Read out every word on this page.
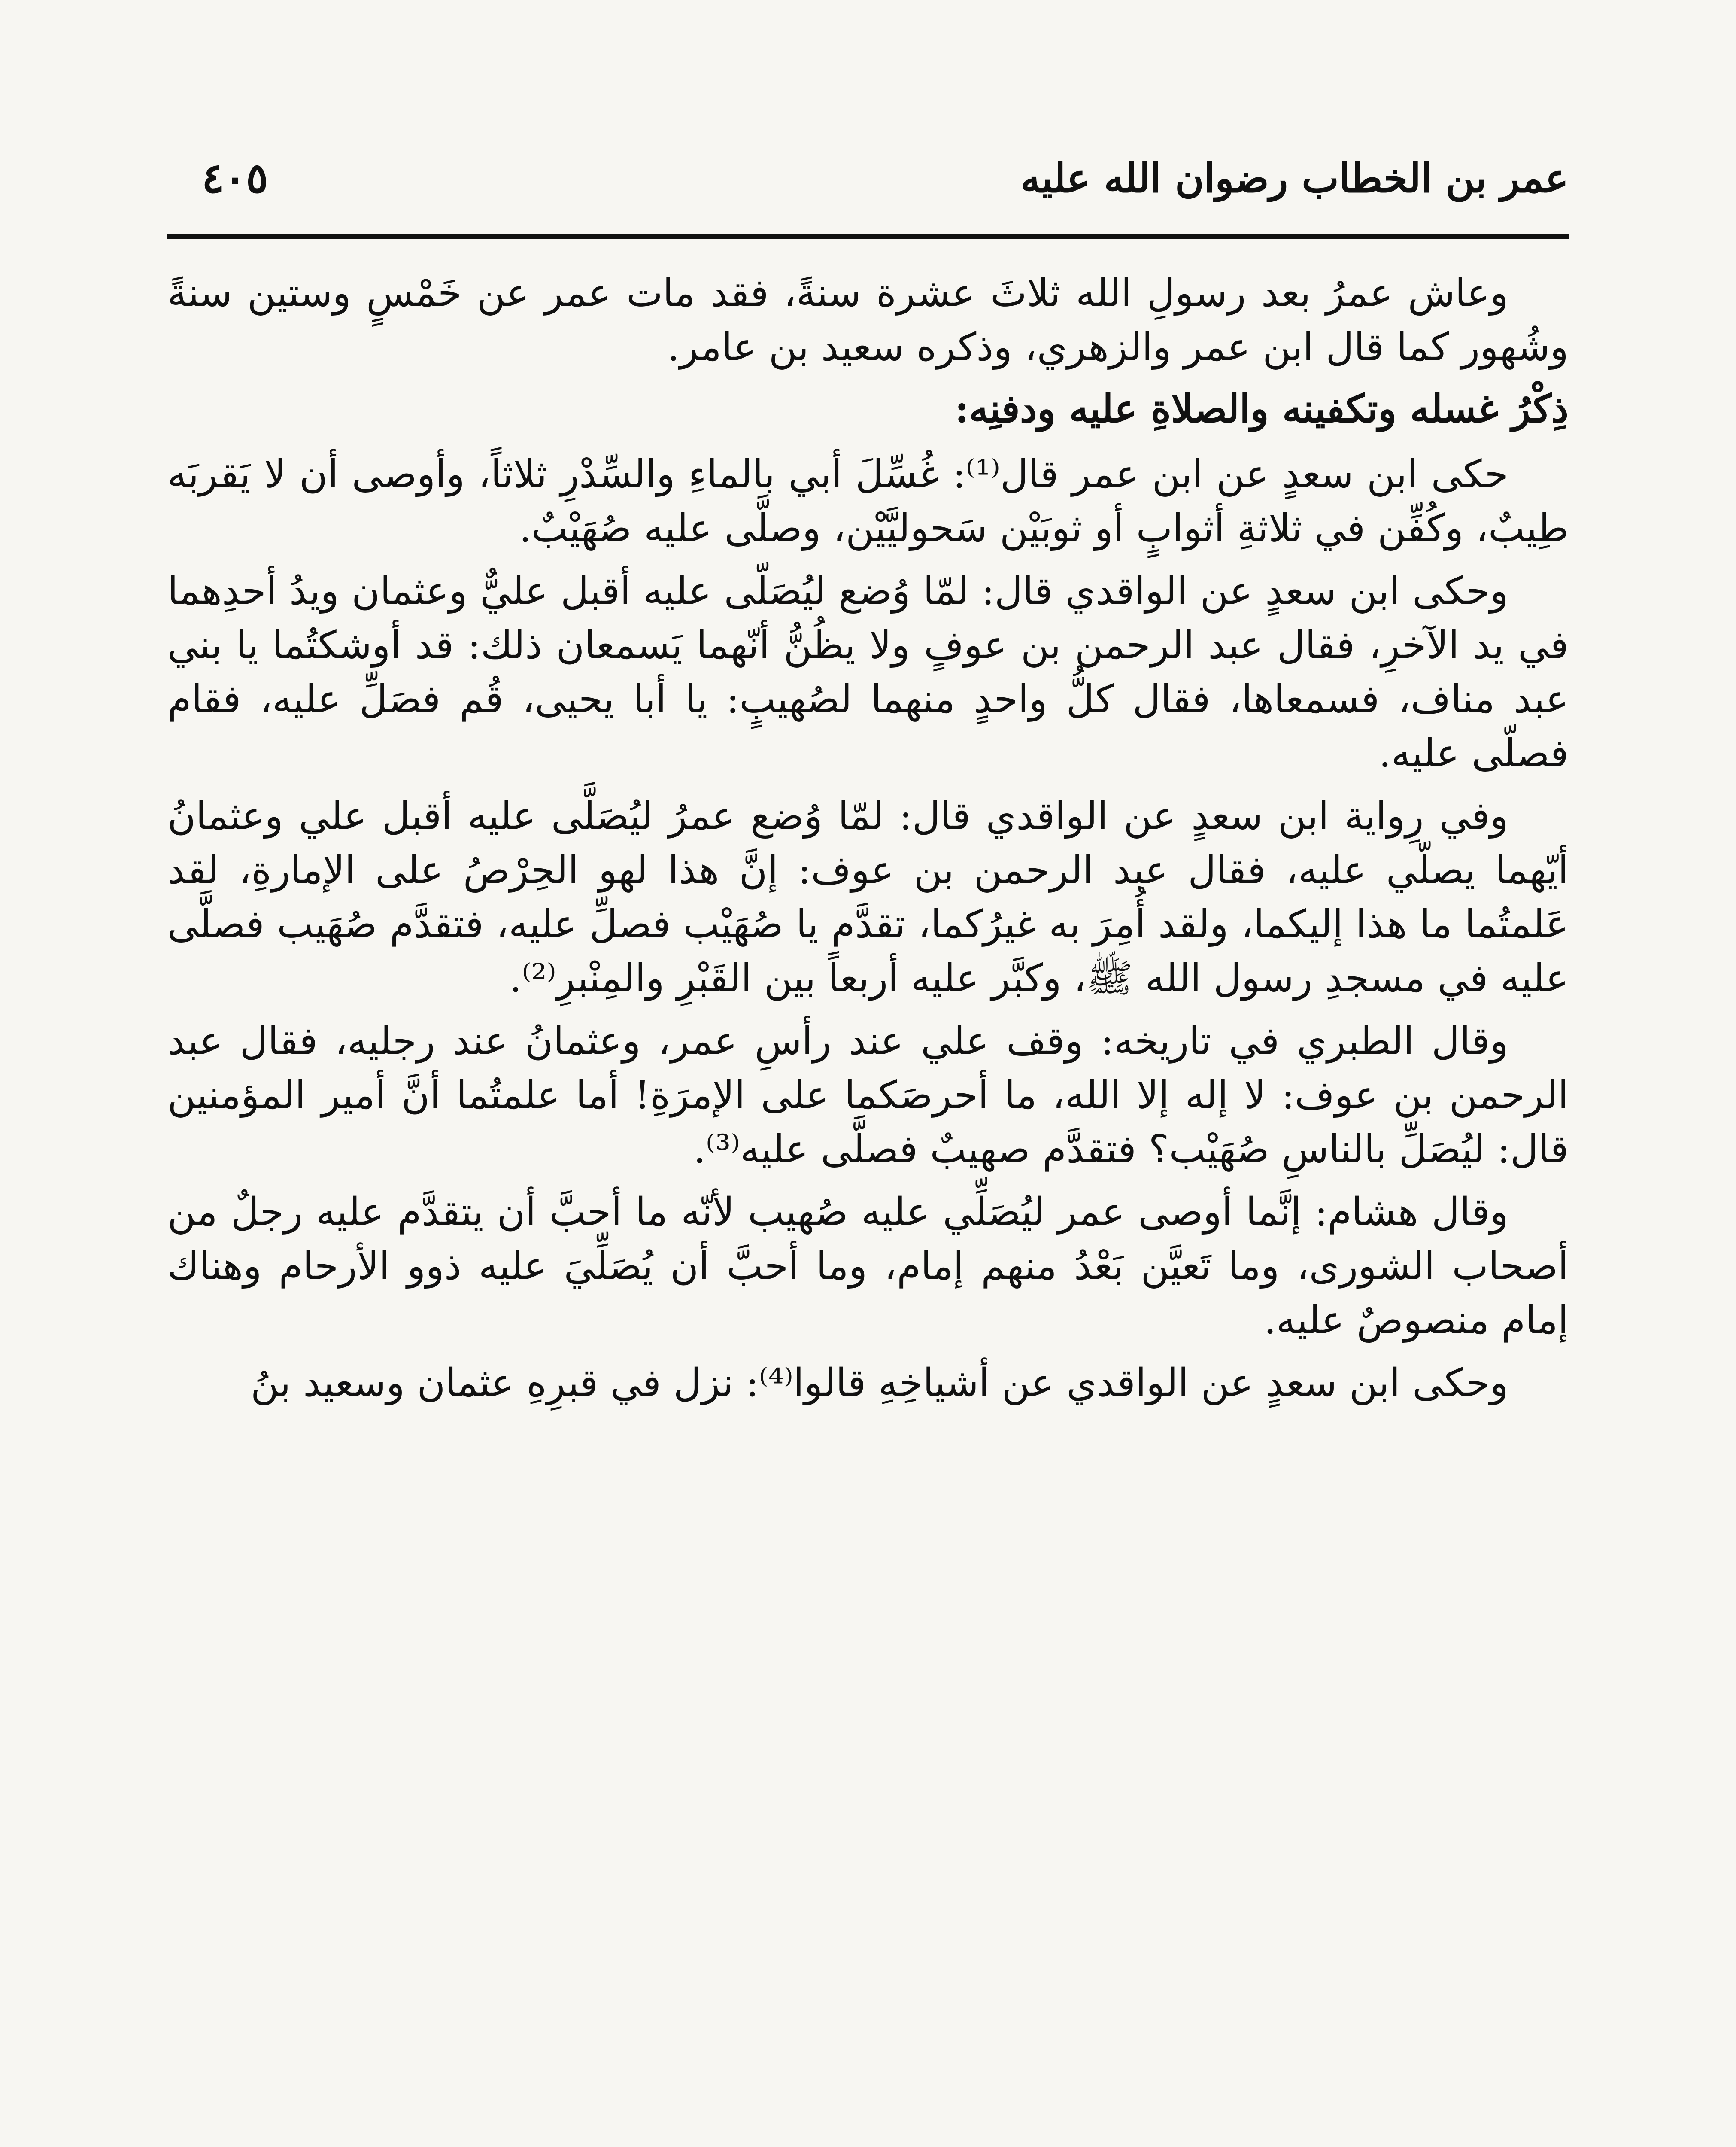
عمر بن الخطاب رضوان الله عليه
٤٠٥

وعاش عمرُ بعد رسولِ الله ثلاثَ عشرة سنةً، فقد مات عمر عن خَمْسٍ وستين سنةً وشُهور كما قال ابن عمر والزهري، وذكره سعيد بن عامر.

ذِكْرُ غسله وتكفينه والصلاةِ عليه ودفنِه:

حكى ابن سعدٍ عن ابن عمر قال⁽¹⁾: غُسِّلَ أبي بالماءِ والسِّدْرِ ثلاثاً، وأوصى أن لا يَقربَه طِيبٌ، وكُفِّن في ثلاثةِ أثوابٍ أو ثوبَيْن سَحوليَّيْن، وصلَّى عليه صُهَيْبٌ.

وحكى ابن سعدٍ عن الواقدي قال: لمّا وُضع ليُصَلّى عليه أقبل عليٌّ وعثمان ويدُ أحدِهما في يد الآخرِ، فقال عبد الرحمن بن عوفٍ ولا يظُنُّ أنّهما يَسمعان ذلك: قد أوشكتُما يا بني عبد مناف، فسمعاها، فقال كلُّ واحدٍ منهما لصُهيبٍ: يا أبا يحيى، قُم فصَلِّ عليه، فقام فصلّى عليه.

وفي رِواية ابن سعدٍ عن الواقدي قال: لمّا وُضع عمرُ ليُصَلَّى عليه أقبل علي وعثمانُ أيّهما يصلّي عليه، فقال عبد الرحمن بن عوف: إنَّ هذا لهو الحِرْصُ على الإمارةِ، لقد عَلمتُما ما هذا إليكما، ولقد أُمِرَ به غيرُكما، تقدَّم يا صُهَيْب فصلِّ عليه، فتقدَّم صُهَيب فصلَّى عليه في مسجدِ رسول الله ﷺ، وكبَّر عليه أربعاً بين القَبْرِ والمِنْبرِ⁽²⁾.

وقال الطبري في تاريخه: وقف علي عند رأسِ عمر، وعثمانُ عند رجليه، فقال عبد الرحمن بن عوف: لا إله إلا الله، ما أحرصَكما على الإمرَةِ! أما علمتُما أنَّ أمير المؤمنين قال: ليُصَلِّ بالناسِ صُهَيْب؟ فتقدَّم صهيبٌ فصلَّى عليه⁽³⁾.

وقال هشام: إنَّما أوصى عمر ليُصَلِّي عليه صُهيب لأنّه ما أحبَّ أن يتقدَّم عليه رجلٌ من أصحاب الشورى، وما تَعيَّن بَعْدُ منهم إمام، وما أحبَّ أن يُصَلِّيَ عليه ذوو الأرحام وهناك إمام منصوصٌ عليه.

وحكى ابن سعدٍ عن الواقدي عن أشياخِهِ قالوا⁽⁴⁾: نزل في قبرِهِ عثمان وسعيد بنُ
